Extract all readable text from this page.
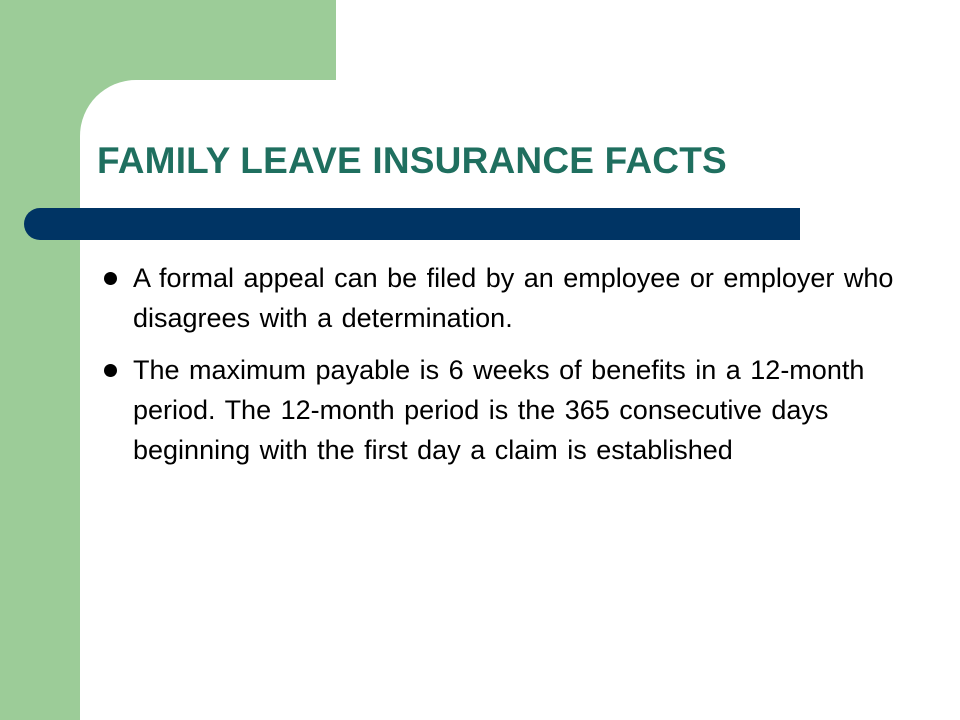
FAMILY LEAVE INSURANCE FACTS
A formal appeal can be filed by an employee or employer who disagrees with a determination.
The maximum payable is 6 weeks of benefits in a 12-month period. The 12-month period is the 365 consecutive days beginning with the first day a claim is established
